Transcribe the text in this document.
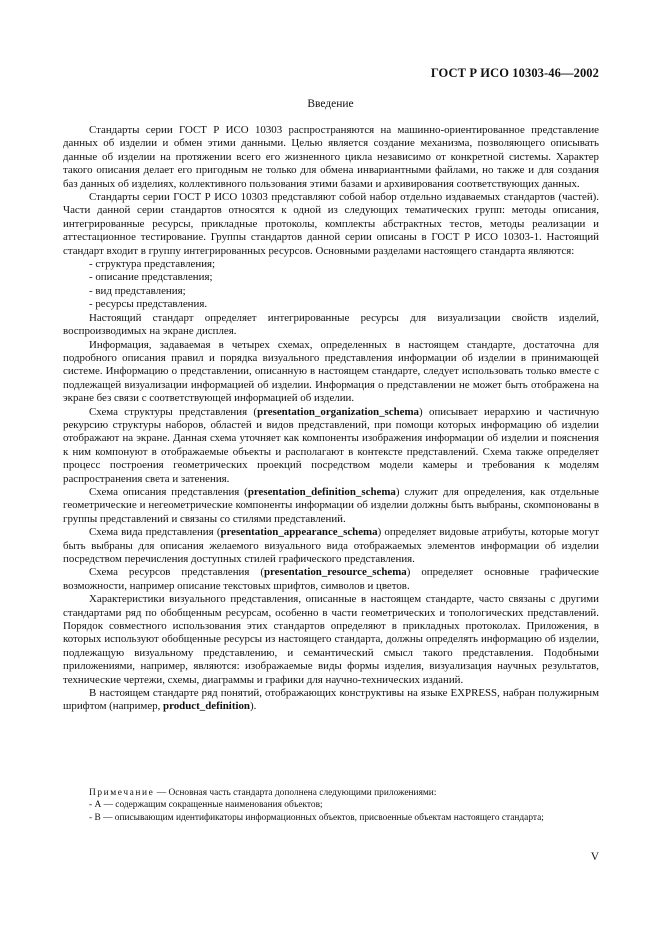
ГОСТ Р ИСО 10303-46—2002
Введение

Стандарты серии ГОСТ Р ИСО 10303 распространяются на машинно-ориентированное представление данных об изделии и обмен этими данными. Целью является создание механизма, позволяющего описывать данные об изделии на протяжении всего его жизненного цикла независимо от конкретной системы. Характер такого описания делает его пригодным не только для обмена инвариантными файлами, но также и для создания баз данных об изделиях, коллективного пользования этими базами и архивирования соответствующих данных.

Стандарты серии ГОСТ Р ИСО 10303 представляют собой набор отдельно издаваемых стандартов (частей). Части данной серии стандартов относятся к одной из следующих тематических групп: методы описания, интегрированные ресурсы, прикладные протоколы, комплекты абстрактных тестов, методы реализации и аттестационное тестирование. Группы стандартов данной серии описаны в ГОСТ Р ИСО 10303-1. Настоящий стандарт входит в группу интегрированных ресурсов. Основными разделами настоящего стандарта являются:

- структура представления;

- описание представления;

- вид представления;

- ресурсы представления.

Настоящий стандарт определяет интегрированные ресурсы для визуализации свойств изделий, воспроизводимых на экране дисплея.

Информация, задаваемая в четырех схемах, определенных в настоящем стандарте, достаточна для подробного описания правил и порядка визуального представления информации об изделии в принимающей системе. Информацию о представлении, описанную в настоящем стандарте, следует использовать только вместе с подлежащей визуализации информацией об изделии. Информация о представлении не может быть отображена на экране без связи с соответствующей информацией об изделии.

Схема структуры представления (presentation_organization_schema) описывает иерархию и частичную рекурсию структуры наборов, областей и видов представлений, при помощи которых информацию об изделии отображают на экране. Данная схема уточняет как компоненты изображения информации об изделии и пояснения к ним компонуют в отображаемые объекты и располагают в контексте представлений. Схема также определяет процесс построения геометрических проекций посредством модели камеры и требования к моделям распространения света и затенения.

Схема описания представления (presentation_definition_schema) служит для определения, как отдельные геометрические и негеометрические компоненты информации об изделии должны быть выбраны, скомпонованы в группы представлений и связаны со стилями представлений.

Схема вида представления (presentation_appearance_schema) определяет видовые атрибуты, которые могут быть выбраны для описания желаемого визуального вида отображаемых элементов информации об изделии посредством перечисления доступных стилей графического представления.

Схема ресурсов представления (presentation_resource_schema) определяет основные графические возможности, например описание текстовых шрифтов, символов и цветов.

Характеристики визуального представления, описанные в настоящем стандарте, часто связаны с другими стандартами ряд по обобщенным ресурсам, особенно в части геометрических и топологических представлений. Порядок совместного использования этих стандартов определяют в прикладных протоколах. Приложения, в которых используют обобщенные ресурсы из настоящего стандарта, должны определять информацию об изделии, подлежащую визуальному представлению, и семантический смысл такого представления. Подобными приложениями, например, являются: изображаемые виды формы изделия, визуализация научных результатов, технические чертежи, схемы, диаграммы и графики для научно-технических изданий.

В настоящем стандарте ряд понятий, отображающих конструктивы на языке EXPRESS, набран полужирным шрифтом (например, product_definition).

Примечание — Основная часть стандарта дополнена следующими приложениями:

- А — содержащим сокращенные наименования объектов;

- В — описывающим идентификаторы информационных объектов, присвоенные объектам настоящего стандарта;

V
